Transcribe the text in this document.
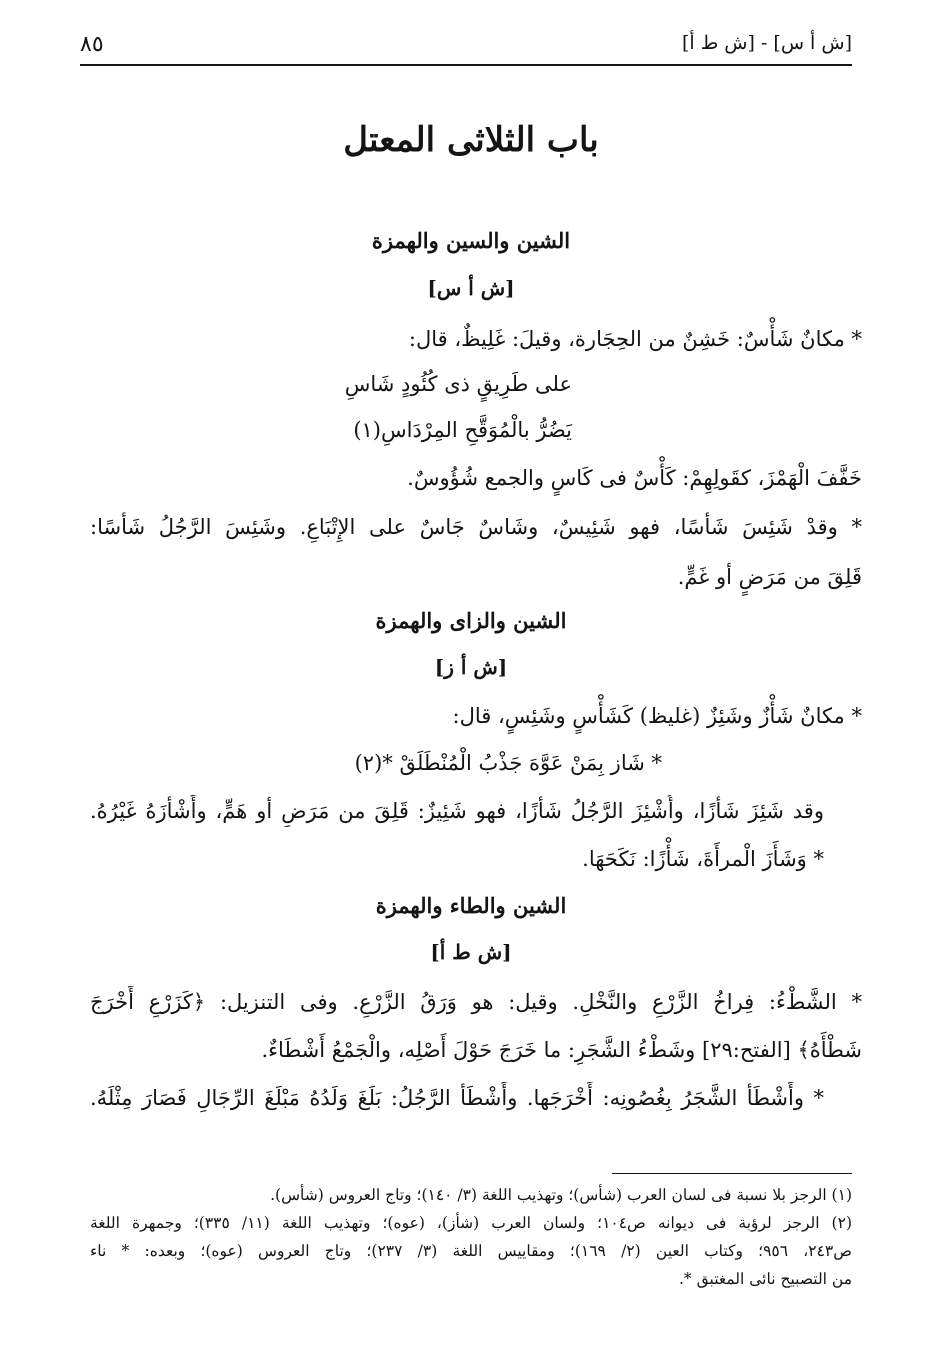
[ش أ س] - [ش ط أ]
٨٥
باب الثلاثى المعتل
الشين والسين والهمزة
[ش أ س]
* مكانٌ شَأْسٌ: خَشِنٌ من الحِجَارة، وقيلَ: غَلِيظٌ، قال:
على طَرِيقٍ ذى كُئُودٍ شَاسِ
يَضُرُّ بالْمُوَقَّحِ المِرْدَاسِ(١)
خَفَّفَ الْهَمْزَ، كقَولِهِمْ: كَأْسٌ فى كَاسٍ والجمع شُؤُوسٌ.
* وقدْ شَئِسَ شَأَسًا، فهو شَئِيسٌ، وشَاسٌ جَاسٌ على الإِتْبَاعِ. وشَئِسَ الرَّجُلُ شَأَسًا:
قَلِقَ من مَرَضٍ أو غَمٍّ.
الشين والزاى والهمزة
[ش أ ز]
* مكانٌ شَأْزٌ وشَئِزٌ (غليظ) كَشَأْسٍ وشَئِسٍ، قال:
* شَاز بِمَنْ عَوَّهَ جَذْبُ الْمُنْطَلَقْ *(٢)
وقد شَئِزَ شَأَزًا، وأُشْئِزَ الرَّجُلُ شَأَزًا، فهو شَئِيزٌ: قَلِقَ من مَرَضٍ أو هَمٍّ، وأَشْأَزَهُ غَيْرُهُ.
* وَشَأَزَ الْمرأَةَ، شَأْزًا: نَكَحَهَا.
الشين والطاء والهمزة
[ش ط أ]
* الشَّطْءُ: فِراخُ الزَّرْعِ والنَّخْلِ. وقيل: هو وَرَقُ الزَّرْعِ. وفى التنزيل: ﴿كَزَرْعٍ أَخْرَجَ
شَطْأَهُ﴾ [الفتح:٢٩] وشَطْءُ الشَّجَرِ: ما خَرَجَ حَوْلَ أَصْلِه، والْجَمْعُ أَشْطَاءٌ.
* وأَشْطَأَ الشَّجَرُ بِغُصُونِه: أَخْرَجَها. وأَشْطَأَ الرَّجُلُ: بَلَغَ وَلَدُهُ مَبْلَغَ الرِّجَالِ فَصَارَ مِثْلَهُ.
(١) الرجز بلا نسبة فى لسان العرب (شأس)؛ وتهذيب اللغة (٣/ ١٤٠)؛ وتاج العروس (شأس).
(٢) الرجز لرؤبة فى ديوانه ص١٠٤؛ ولسان العرب (شأز)، (عوه)؛ وتهذيب اللغة (١١/ ٣٣٥)؛ وجمهرة اللغة
ص٢٤٣، ٩٥٦؛ وكتاب العين (٢/ ١٦٩)؛ ومقاييس اللغة (٣/ ٢٣٧)؛ وتاج العروس (عوه)؛ وبعده: * ناء
من التصبيح نائى المغتبق *.
